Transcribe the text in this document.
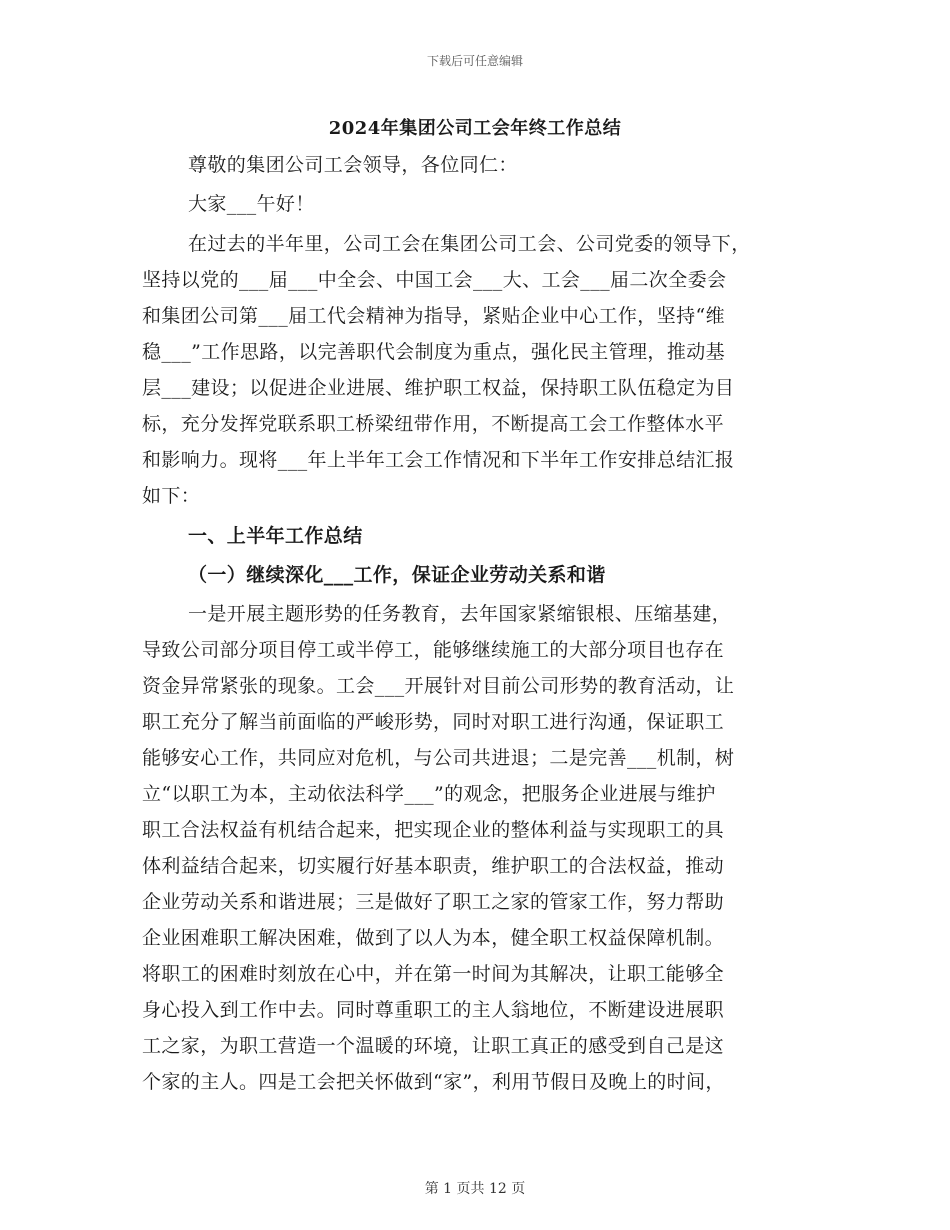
下载后可任意编辑
2024年集团公司工会年终工作总结
尊敬的集团公司工会领导，各位同仁：
大家___午好！
在过去的半年里，公司工会在集团公司工会、公司党委的领导下，
坚持以党的___届___中全会、中国工会___大、工会___届二次全委会
和集团公司第___届工代会精神为指导，紧贴企业中心工作，坚持“维
稳___”工作思路，以完善职代会制度为重点，强化民主管理，推动基
层___建设；以促进企业进展、维护职工权益，保持职工队伍稳定为目
标，充分发挥党联系职工桥梁纽带作用，不断提高工会工作整体水平
和影响力。现将___年上半年工会工作情况和下半年工作安排总结汇报
如下：
一、上半年工作总结
（一）继续深化___工作，保证企业劳动关系和谐
一是开展主题形势的任务教育，去年国家紧缩银根、压缩基建，
导致公司部分项目停工或半停工，能够继续施工的大部分项目也存在
资金异常紧张的现象。工会___开展针对目前公司形势的教育活动，让
职工充分了解当前面临的严峻形势，同时对职工进行沟通，保证职工
能够安心工作，共同应对危机，与公司共进退；二是完善___机制，树
立“以职工为本，主动依法科学___”的观念，把服务企业进展与维护
职工合法权益有机结合起来，把实现企业的整体利益与实现职工的具
体利益结合起来，切实履行好基本职责，维护职工的合法权益，推动
企业劳动关系和谐进展；三是做好了职工之家的管家工作，努力帮助
企业困难职工解决困难，做到了以人为本，健全职工权益保障机制。
将职工的困难时刻放在心中，并在第一时间为其解决，让职工能够全
身心投入到工作中去。同时尊重职工的主人翁地位，不断建设进展职
工之家，为职工营造一个温暖的环境，让职工真正的感受到自己是这
个家的主人。四是工会把关怀做到“家”，利用节假日及晚上的时间，
第 1 页共 12 页
